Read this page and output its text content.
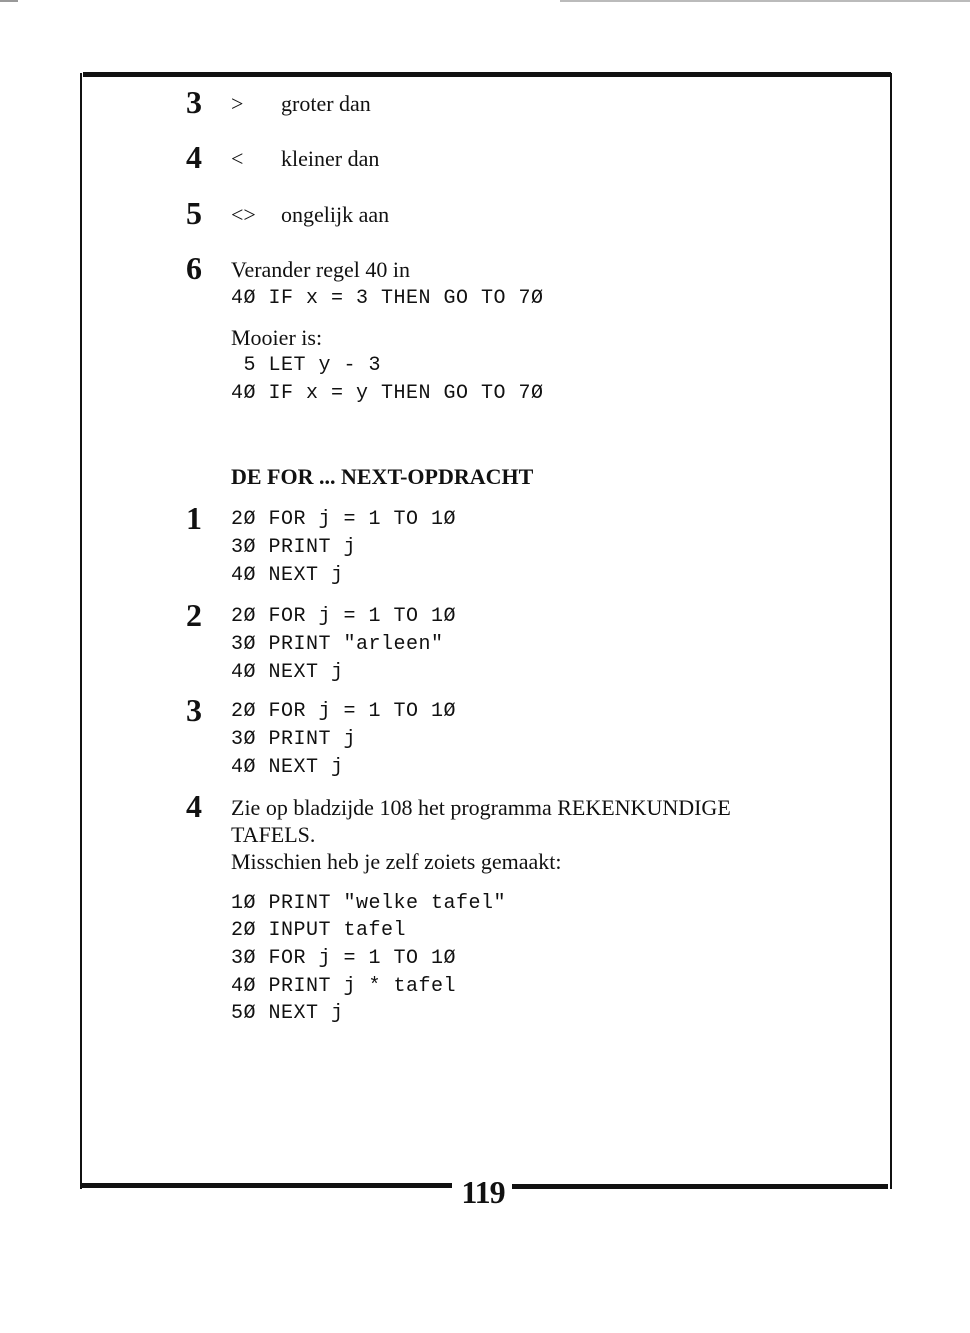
3 > groter dan
4 < kleiner dan
5 <> ongelijk aan
6 Verander regel 40 in
4Ø IF x = 3 THEN GO TO 7Ø
Mooier is:
5 LET y - 3
4Ø IF x = y THEN GO TO 7Ø
DE FOR ... NEXT-OPDRACHT
1 2Ø FOR j = 1 TO 1Ø
3Ø PRINT j
4Ø NEXT j
2 2Ø FOR j = 1 TO 1Ø
3Ø PRINT "arleen"
4Ø NEXT j
3 2Ø FOR j = 1 TO 1Ø
3Ø PRINT j
4Ø NEXT j
4 Zie op bladzijde 108 het programma REKENKUNDIGE
TAFELS.
Misschien heb je zelf zoiets gemaakt:
1Ø PRINT "welke tafel"
2Ø INPUT tafel
3Ø FOR j = 1 TO 1Ø
4Ø PRINT j * tafel
5Ø NEXT j
119
